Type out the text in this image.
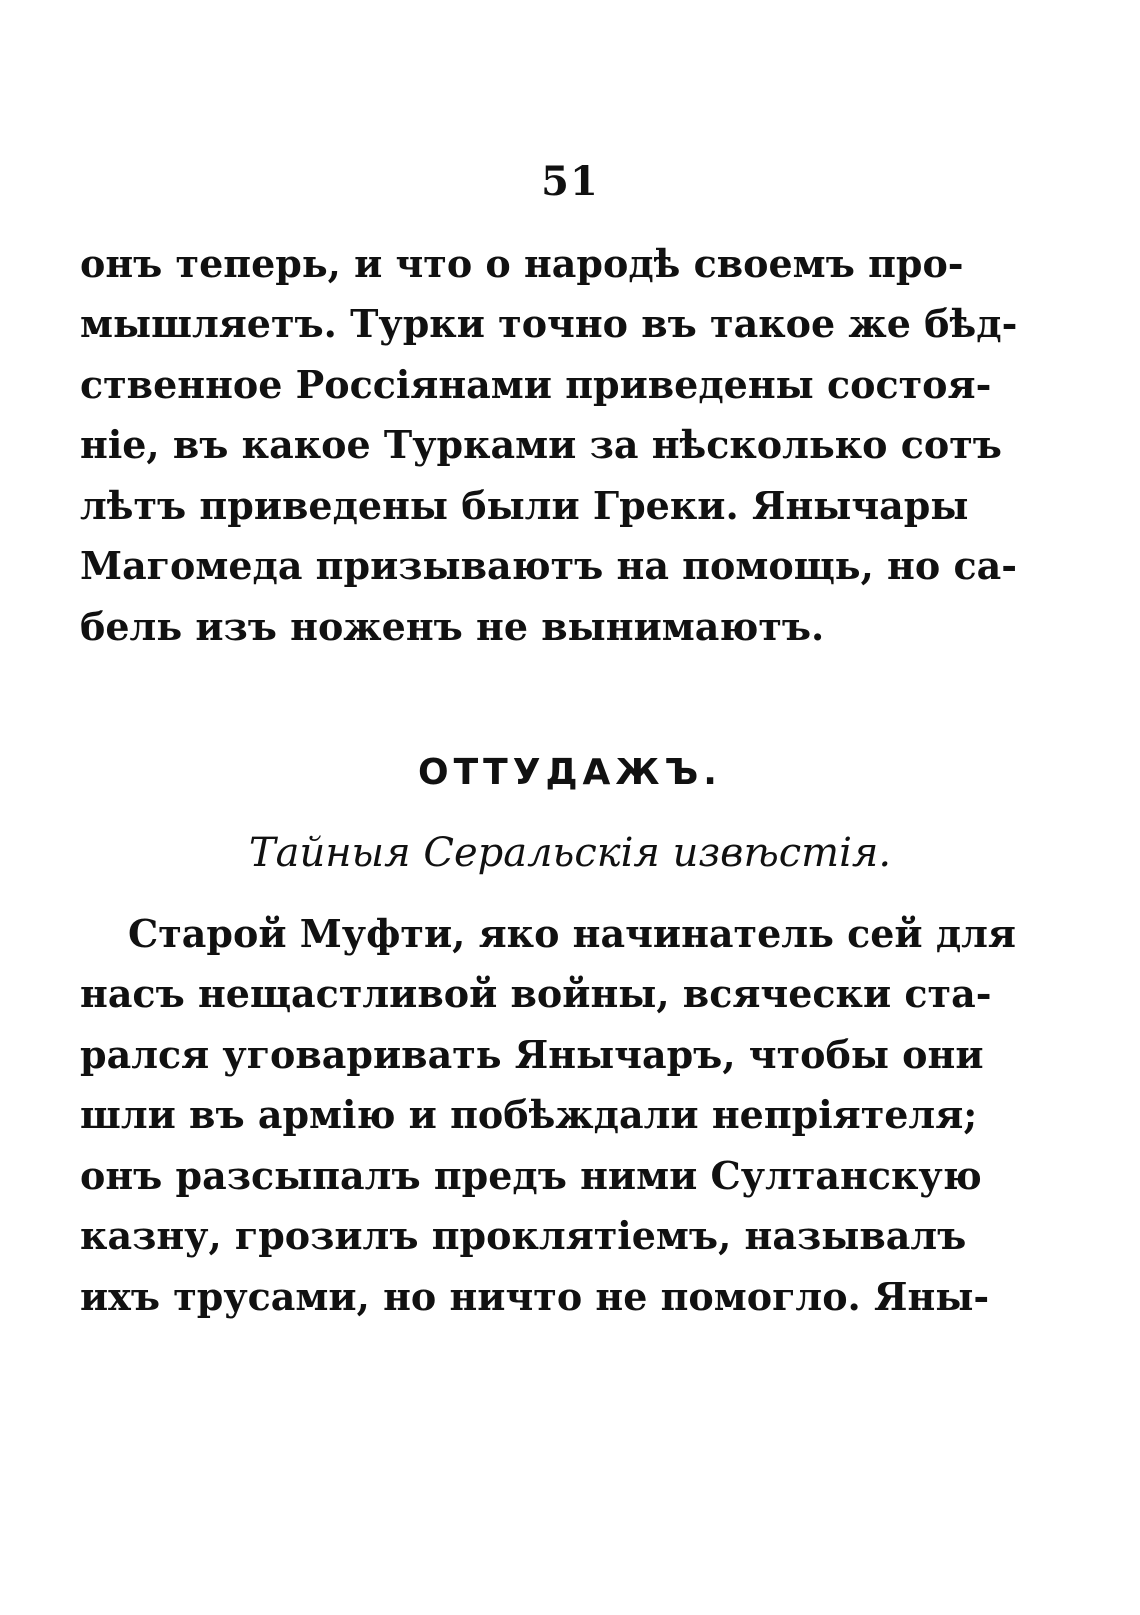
51
онъ теперь, и что о народѣ своемъ про-
мышляетъ. Турки точно въ такое же бѣд-
ственное Россіянами приведены состоя-
ніе, въ какое Турками за нѣсколько сотъ
лѣтъ приведены были Греки. Янычары
Магомеда призываютъ на помощь, но са-
бель изъ ноженъ не вынимаютъ.
ОТТУДАЖЪ.
Тайныя Серальскія извѣстія.
Старой Муфти, яко начинатель сей для
насъ нещастливой войны, всячески ста-
рался уговаривать Янычаръ, чтобы они
шли въ армію и побѣждали непріятеля;
онъ разсыпалъ предъ ними Султанскую
казну, грозилъ проклятіемъ, называлъ
ихъ трусами, но ничто не помогло. Яны-
